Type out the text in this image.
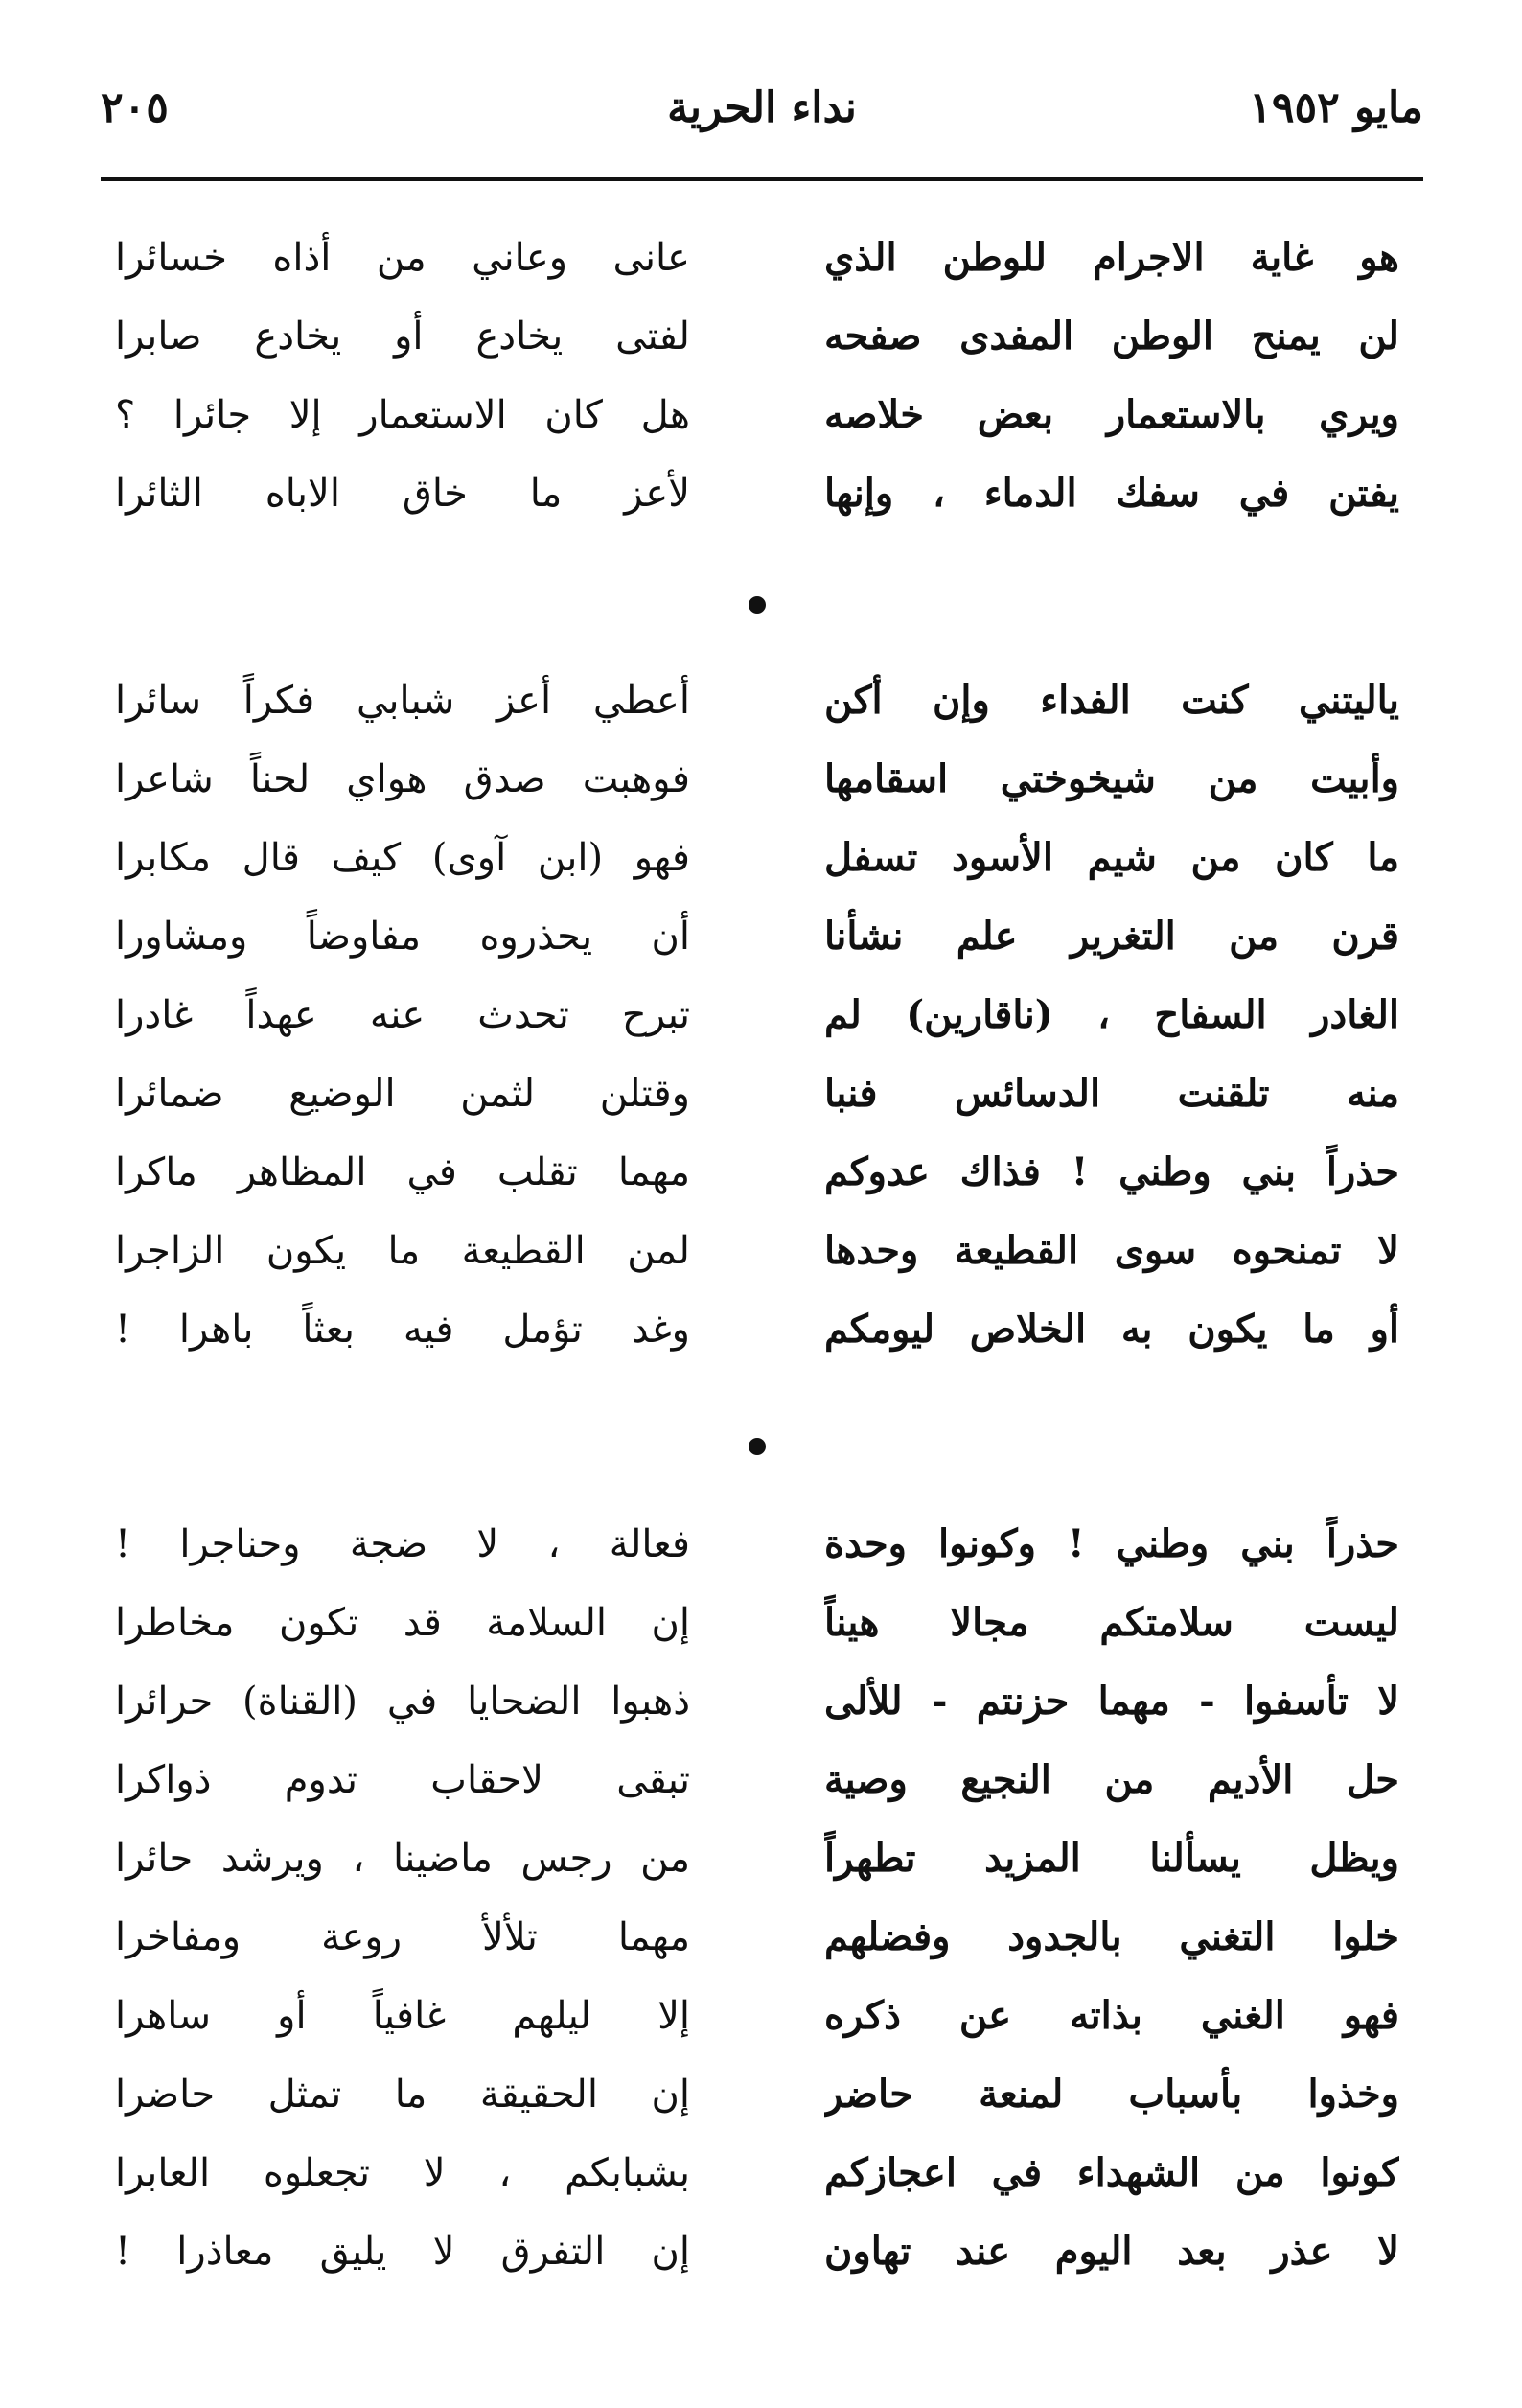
٢٠٥	نداء الحرية	مايو ١٩٥٢
هو غاية الاجرام للوطن الذي
لن يمنح الوطن المفدى صفحه
ويري بالاستعمار بعض خلاصه
يفتن في سفك الدماء ، وإنها
عانى وعاني من أذاه خسائرا
لفتى يخادع أو يخادع صابرا
هل كان الاستعمار إلا جائرا ؟
لأعز ما خاق الاباه الثائرا
ياليتني كنت الفداء وإن أكن
وأبيت من شيخوختي اسقامها
ما كان من شيم الأسود تسفل
قرن من التغرير علم نشأنا
الغادر السفاح ، (ناقارين) لم
منه تلقنت الدسائس فنبا
حذراً بني وطني ! فذاك عدوكم
لا تمنحوه سوى القطيعة وحدها
أو ما يكون به الخلاص ليومكم
أعطي أعز شبابي فكراً سائرا
فوهبت صدق هواي لحناً شاعرا
فهو (ابن آوى) كيف قال مكابرا
أن يحذروه مفاوضاً ومشاورا
تبرح تحدث عنه عهداً غادرا
وقتلن لثمن الوضيع ضمائرا
مهما تقلب في المظاهر ماكرا
لمن القطيعة ما يكون الزاجرا
وغد تؤمل فيه بعثاً باهرا !
حذراً بني وطني ! وكونوا وحدة
ليست سلامتكم مجالا هيناً
لا تأسفوا - مهما حزنتم - للألى
حل الأديم من النجيع وصية
ويظل يسألنا المزيد تطهراً
خلوا التغني بالجدود وفضلهم
فهو الغني بذاته عن ذكره
وخذوا بأسباب لمنعة حاضر
كونوا من الشهداء في اعجازكم
لا عذر بعد اليوم عند تهاون
فعالة ، لا ضجة وحناجرا !
إن السلامة قد تكون مخاطرا
ذهبوا الضحايا في (القناة) حرائرا
تبقى لاحقاب تدوم ذواكرا
من رجس ماضينا ، ويرشد حائرا
مهما تلألأ روعة ومفاخرا
إلا ليلهم غافياً أو ساهرا
إن الحقيقة ما تمثل حاضرا
بشبابكم ، لا تجعلوه العابرا
إن التفرق لا يليق معاذرا !
